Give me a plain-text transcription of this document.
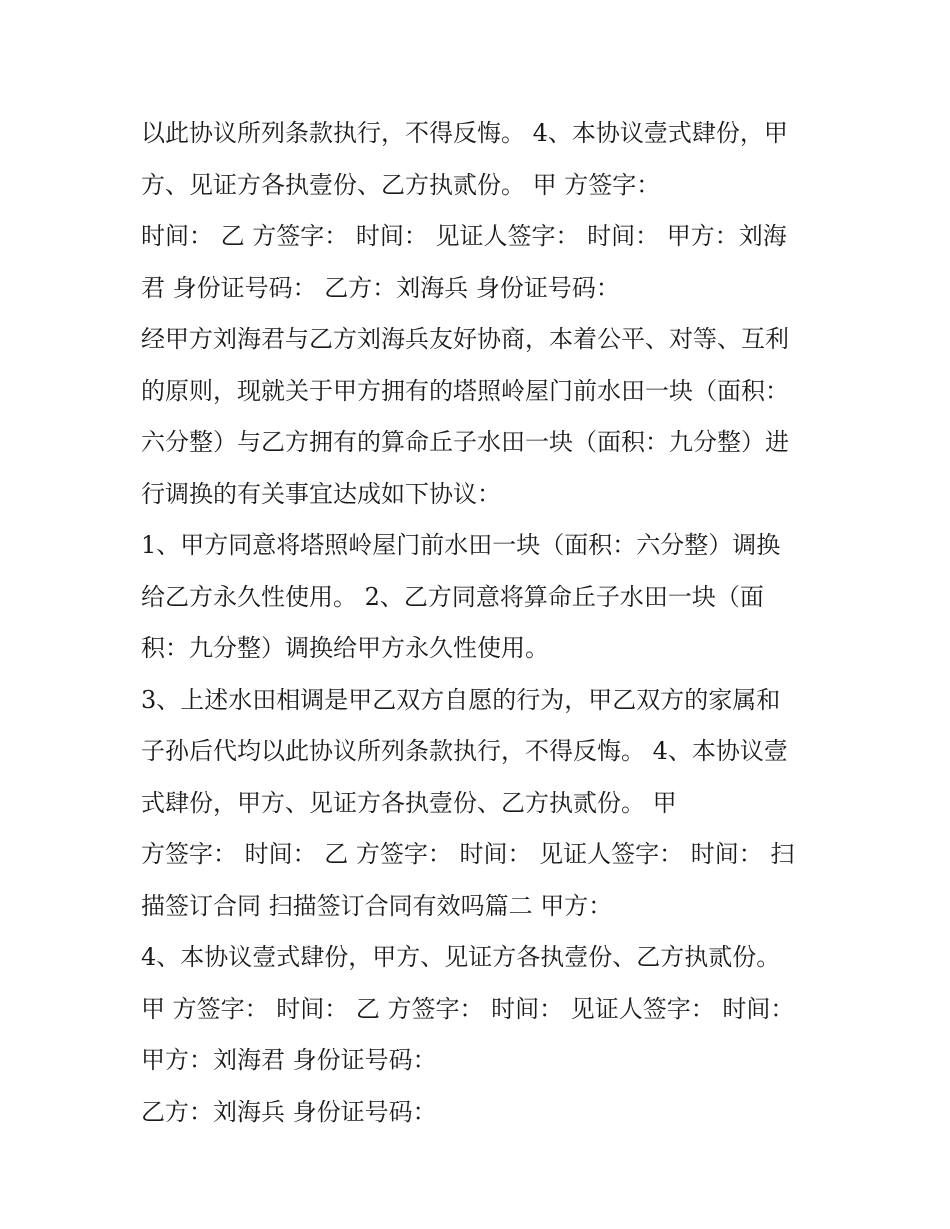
以此协议所列条款执行，不得反悔。 4、本协议壹式肆份，甲
方、见证方各执壹份、乙方执贰份。 甲 方签字：
时间： 乙 方签字： 时间： 见证人签字： 时间： 甲方：刘海
君 身份证号码： 乙方：刘海兵 身份证号码：
经甲方刘海君与乙方刘海兵友好协商，本着公平、对等、互利
的原则，现就关于甲方拥有的塔照岭屋门前水田一块（面积：
六分整）与乙方拥有的算命丘子水田一块（面积：九分整）进
行调换的有关事宜达成如下协议：
1、甲方同意将塔照岭屋门前水田一块（面积：六分整）调换
给乙方永久性使用。 2、乙方同意将算命丘子水田一块（面
积：九分整）调换给甲方永久性使用。
3、上述水田相调是甲乙双方自愿的行为，甲乙双方的家属和
子孙后代均以此协议所列条款执行，不得反悔。 4、本协议壹
式肆份，甲方、见证方各执壹份、乙方执贰份。 甲
方签字： 时间： 乙 方签字： 时间： 见证人签字： 时间： 扫
描签订合同 扫描签订合同有效吗篇二 甲方：
4、本协议壹式肆份，甲方、见证方各执壹份、乙方执贰份。
甲 方签字： 时间： 乙 方签字： 时间： 见证人签字： 时间：
甲方：刘海君 身份证号码：
乙方：刘海兵 身份证号码：
